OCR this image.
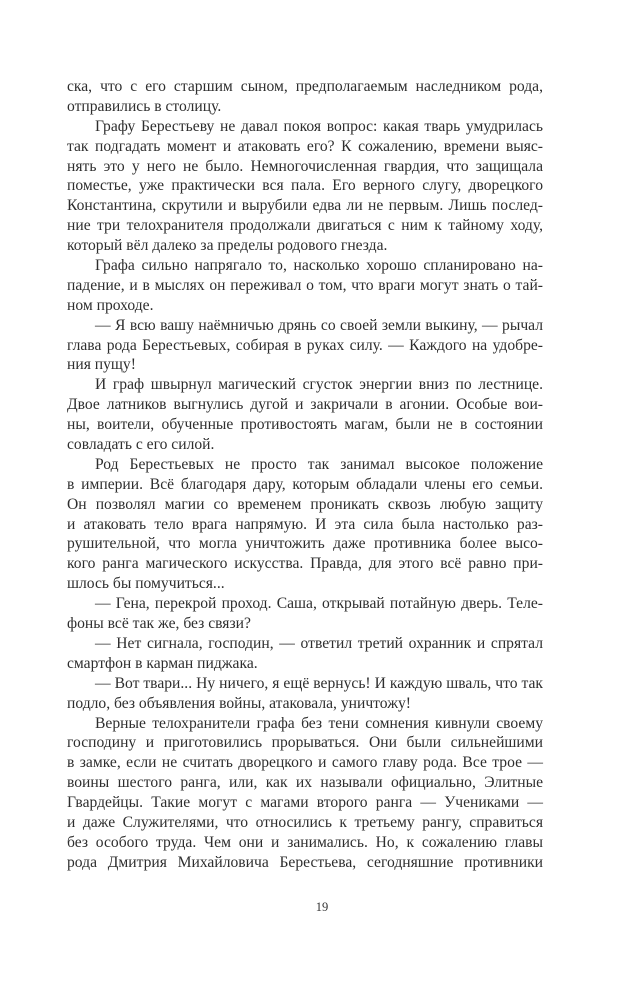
ска, что с его старшим сыном, предполагаемым наследником рода,
отправились в столицу.
Графу Берестьеву не давал покоя вопрос: какая тварь умудрилась
так подгадать момент и атаковать его? К сожалению, времени выяс-
нять это у него не было. Немногочисленная гвардия, что защищала
поместье, уже практически вся пала. Его верного слугу, дворецкого
Константина, скрутили и вырубили едва ли не первым. Лишь послед-
ние три телохранителя продолжали двигаться с ним к тайному ходу,
который вёл далеко за пределы родового гнезда.
Графа сильно напрягало то, насколько хорошо спланировано на-
падение, и в мыслях он переживал о том, что враги могут знать о тай-
ном проходе.
— Я всю вашу наёмничью дрянь со своей земли выкину, — рычал
глава рода Берестьевых, собирая в руках силу. — Каждого на удобре-
ния пущу!
И граф швырнул магический сгусток энергии вниз по лестнице.
Двое латников выгнулись дугой и закричали в агонии. Особые вои-
ны, воители, обученные противостоять магам, были не в состоянии
совладать с его силой.
Род Берестьевых не просто так занимал высокое положение
в империи. Всё благодаря дару, которым обладали члены его семьи.
Он позволял магии со временем проникать сквозь любую защиту
и атаковать тело врага напрямую. И эта сила была настолько раз-
рушительной, что могла уничтожить даже противника более высо-
кого ранга магического искусства. Правда, для этого всё равно при-
шлось бы помучиться...
— Гена, перекрой проход. Саша, открывай потайную дверь. Теле-
фоны всё так же, без связи?
— Нет сигнала, господин, — ответил третий охранник и спрятал
смартфон в карман пиджака.
— Вот твари... Ну ничего, я ещё вернусь! И каждую шваль, что так
подло, без объявления войны, атаковала, уничтожу!
Верные телохранители графа без тени сомнения кивнули своему
господину и приготовились прорываться. Они были сильнейшими
в замке, если не считать дворецкого и самого главу рода. Все трое —
воины шестого ранга, или, как их называли официально, Элитные
Гвардейцы. Такие могут с магами второго ранга — Учениками —
и даже Служителями, что относились к третьему рангу, справиться
без особого труда. Чем они и занимались. Но, к сожалению главы
рода Дмитрия Михайловича Берестьева, сегодняшние противники
19
